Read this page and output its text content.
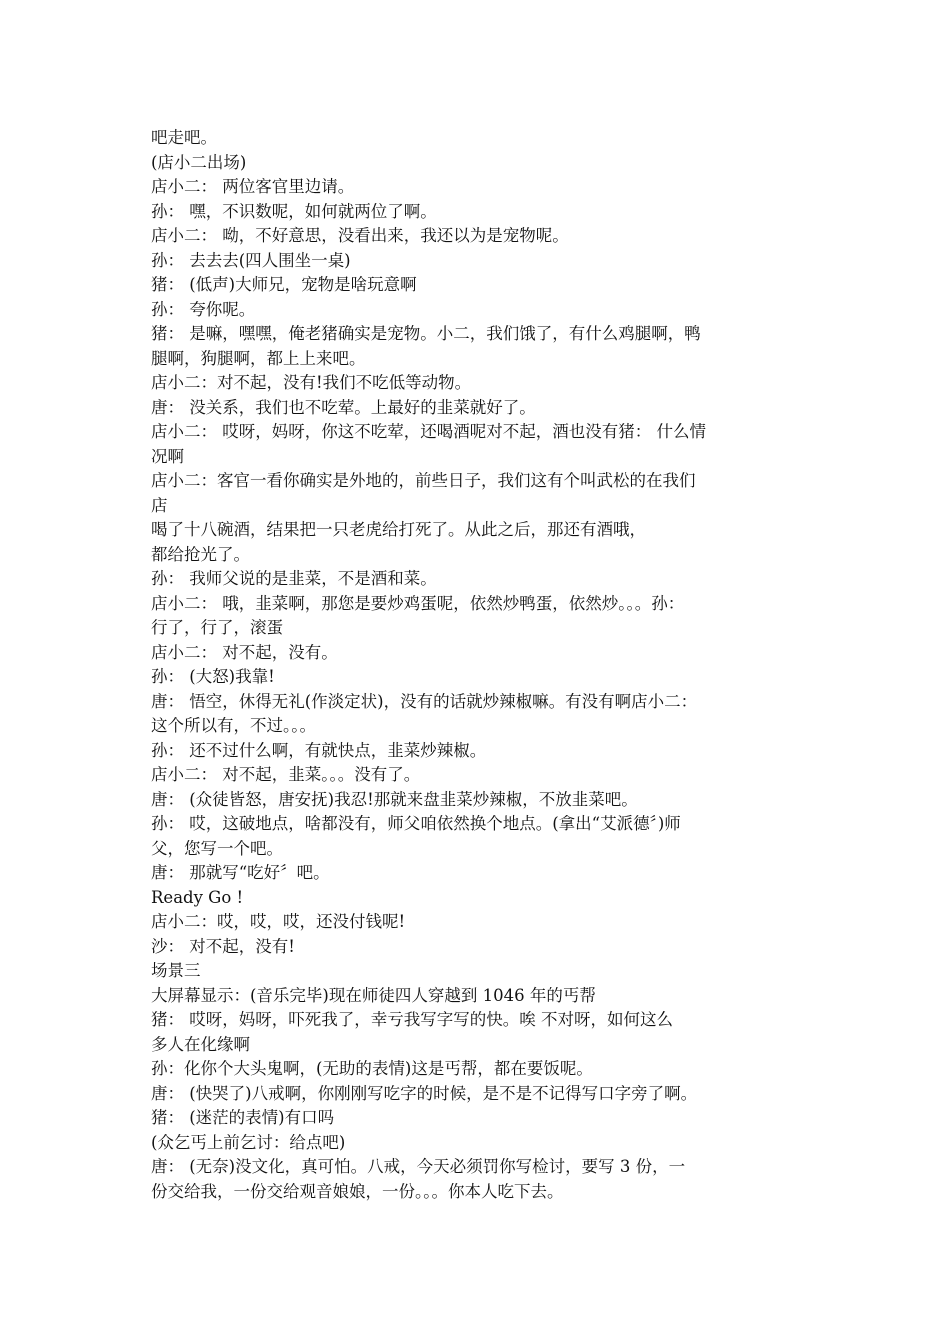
吧走吧。
(店小二出场)
店小二： 两位客官里边请。
孙： 嘿，不识数呢，如何就两位了啊。
店小二： 呦，不好意思，没看出来，我还以为是宠物呢。
孙： 去去去(四人围坐一桌)
猪： (低声)大师兄，宠物是啥玩意啊
孙： 夸你呢。
猪： 是嘛，嘿嘿，俺老猪确实是宠物。小二，我们饿了，有什么鸡腿啊，鸭
腿啊，狗腿啊，都上上来吧。
店小二：对不起，没有!我们不吃低等动物。
唐： 没关系，我们也不吃荤。上最好的韭菜就好了。
店小二： 哎呀，妈呀，你这不吃荤，还喝酒呢对不起，酒也没有猪： 什么情
况啊
店小二：客官一看你确实是外地的，前些日子，我们这有个叫武松的在我们
店
喝了十八碗酒，结果把一只老虎给打死了。从此之后，那还有酒哦，
都给抢光了。
孙： 我师父说的是韭菜，不是酒和菜。
店小二： 哦，韭菜啊，那您是要炒鸡蛋呢，依然炒鸭蛋，依然炒。。。孙：
行了，行了，滚蛋
店小二： 对不起，没有。
孙： (大怒)我靠!
唐： 悟空，休得无礼(作淡定状)，没有的话就炒辣椒嘛。有没有啊店小二：
这个所以有，不过。。。
孙： 还不过什么啊，有就快点，韭菜炒辣椒。
店小二： 对不起，韭菜。。。没有了。
唐： (众徒皆怒，唐安抚)我忍!那就来盘韭菜炒辣椒，不放韭菜吧。
孙： 哎，这破地点，啥都没有，师父咱依然换个地点。(拿出“艾派德〞)师
父，您写一个吧。
唐： 那就写“吃好〞吧。
Ready Go !
店小二：哎，哎，哎，还没付钱呢!
沙： 对不起，没有!
场景三
大屏幕显示：(音乐完毕)现在师徒四人穿越到 1046 年的丐帮
猪： 哎呀，妈呀，吓死我了，幸亏我写字写的快。唉 不对呀，如何这么
多人在化缘啊
孙：化你个大头鬼啊，(无助的表情)这是丐帮，都在要饭呢。
唐： (快哭了)八戒啊，你刚刚写吃字的时候，是不是不记得写口字旁了啊。
猪： (迷茫的表情)有口吗
(众乞丐上前乞讨：给点吧)
唐： (无奈)没文化，真可怕。八戒，今天必须罚你写检讨，要写 3 份，一
份交给我，一份交给观音娘娘，一份。。。你本人吃下去。
